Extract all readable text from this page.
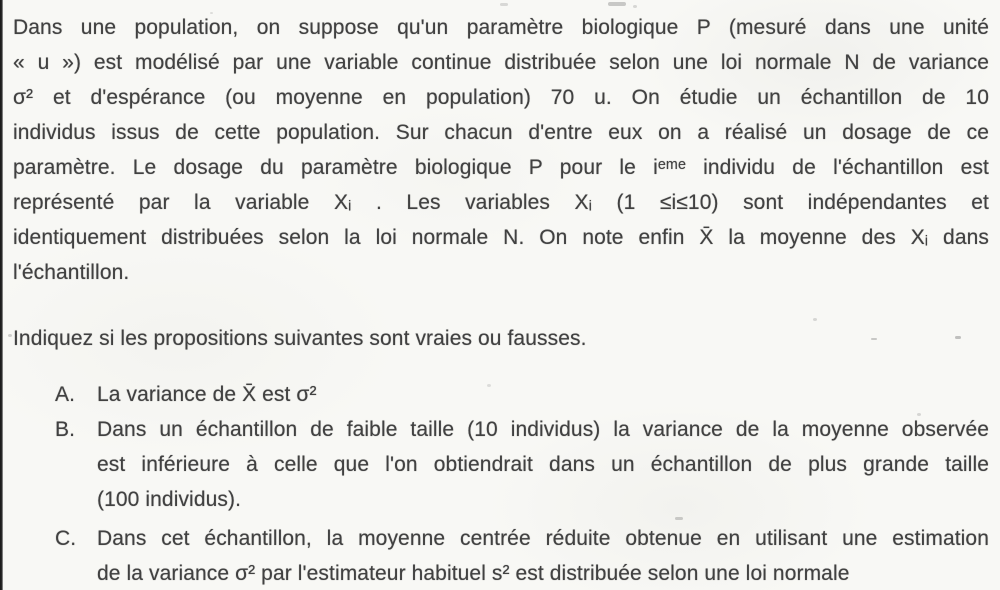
Dans une population, on suppose qu'un paramètre biologique P (mesuré dans une unité
« u ») est modélisé par une variable continue distribuée selon une loi normale N de variance
σ² et d'espérance (ou moyenne en population) 70 u. On étudie un échantillon de 10
individus issus de cette population. Sur chacun d'entre eux on a réalisé un dosage de ce
paramètre. Le dosage du paramètre biologique P pour le iᵉᵐᵉ individu de l'échantillon est
représenté par la variable Xᵢ . Les variables Xᵢ (1 ≤i≤10) sont indépendantes et
identiquement distribuées selon la loi normale N. On note enfin X̄ la moyenne des Xᵢ dans
l'échantillon.
Indiquez si les propositions suivantes sont vraies ou fausses.
A.	La variance de X̄ est σ²
B.	Dans un échantillon de faible taille (10 individus) la variance de la moyenne observée
est inférieure à celle que l'on obtiendrait dans un échantillon de plus grande taille
(100 individus).
C. Dans cet échantillon, la moyenne centrée réduite obtenue en utilisant une estimation
de la variance σ² par l'estimateur habituel s² est distribuée selon une loi normale
